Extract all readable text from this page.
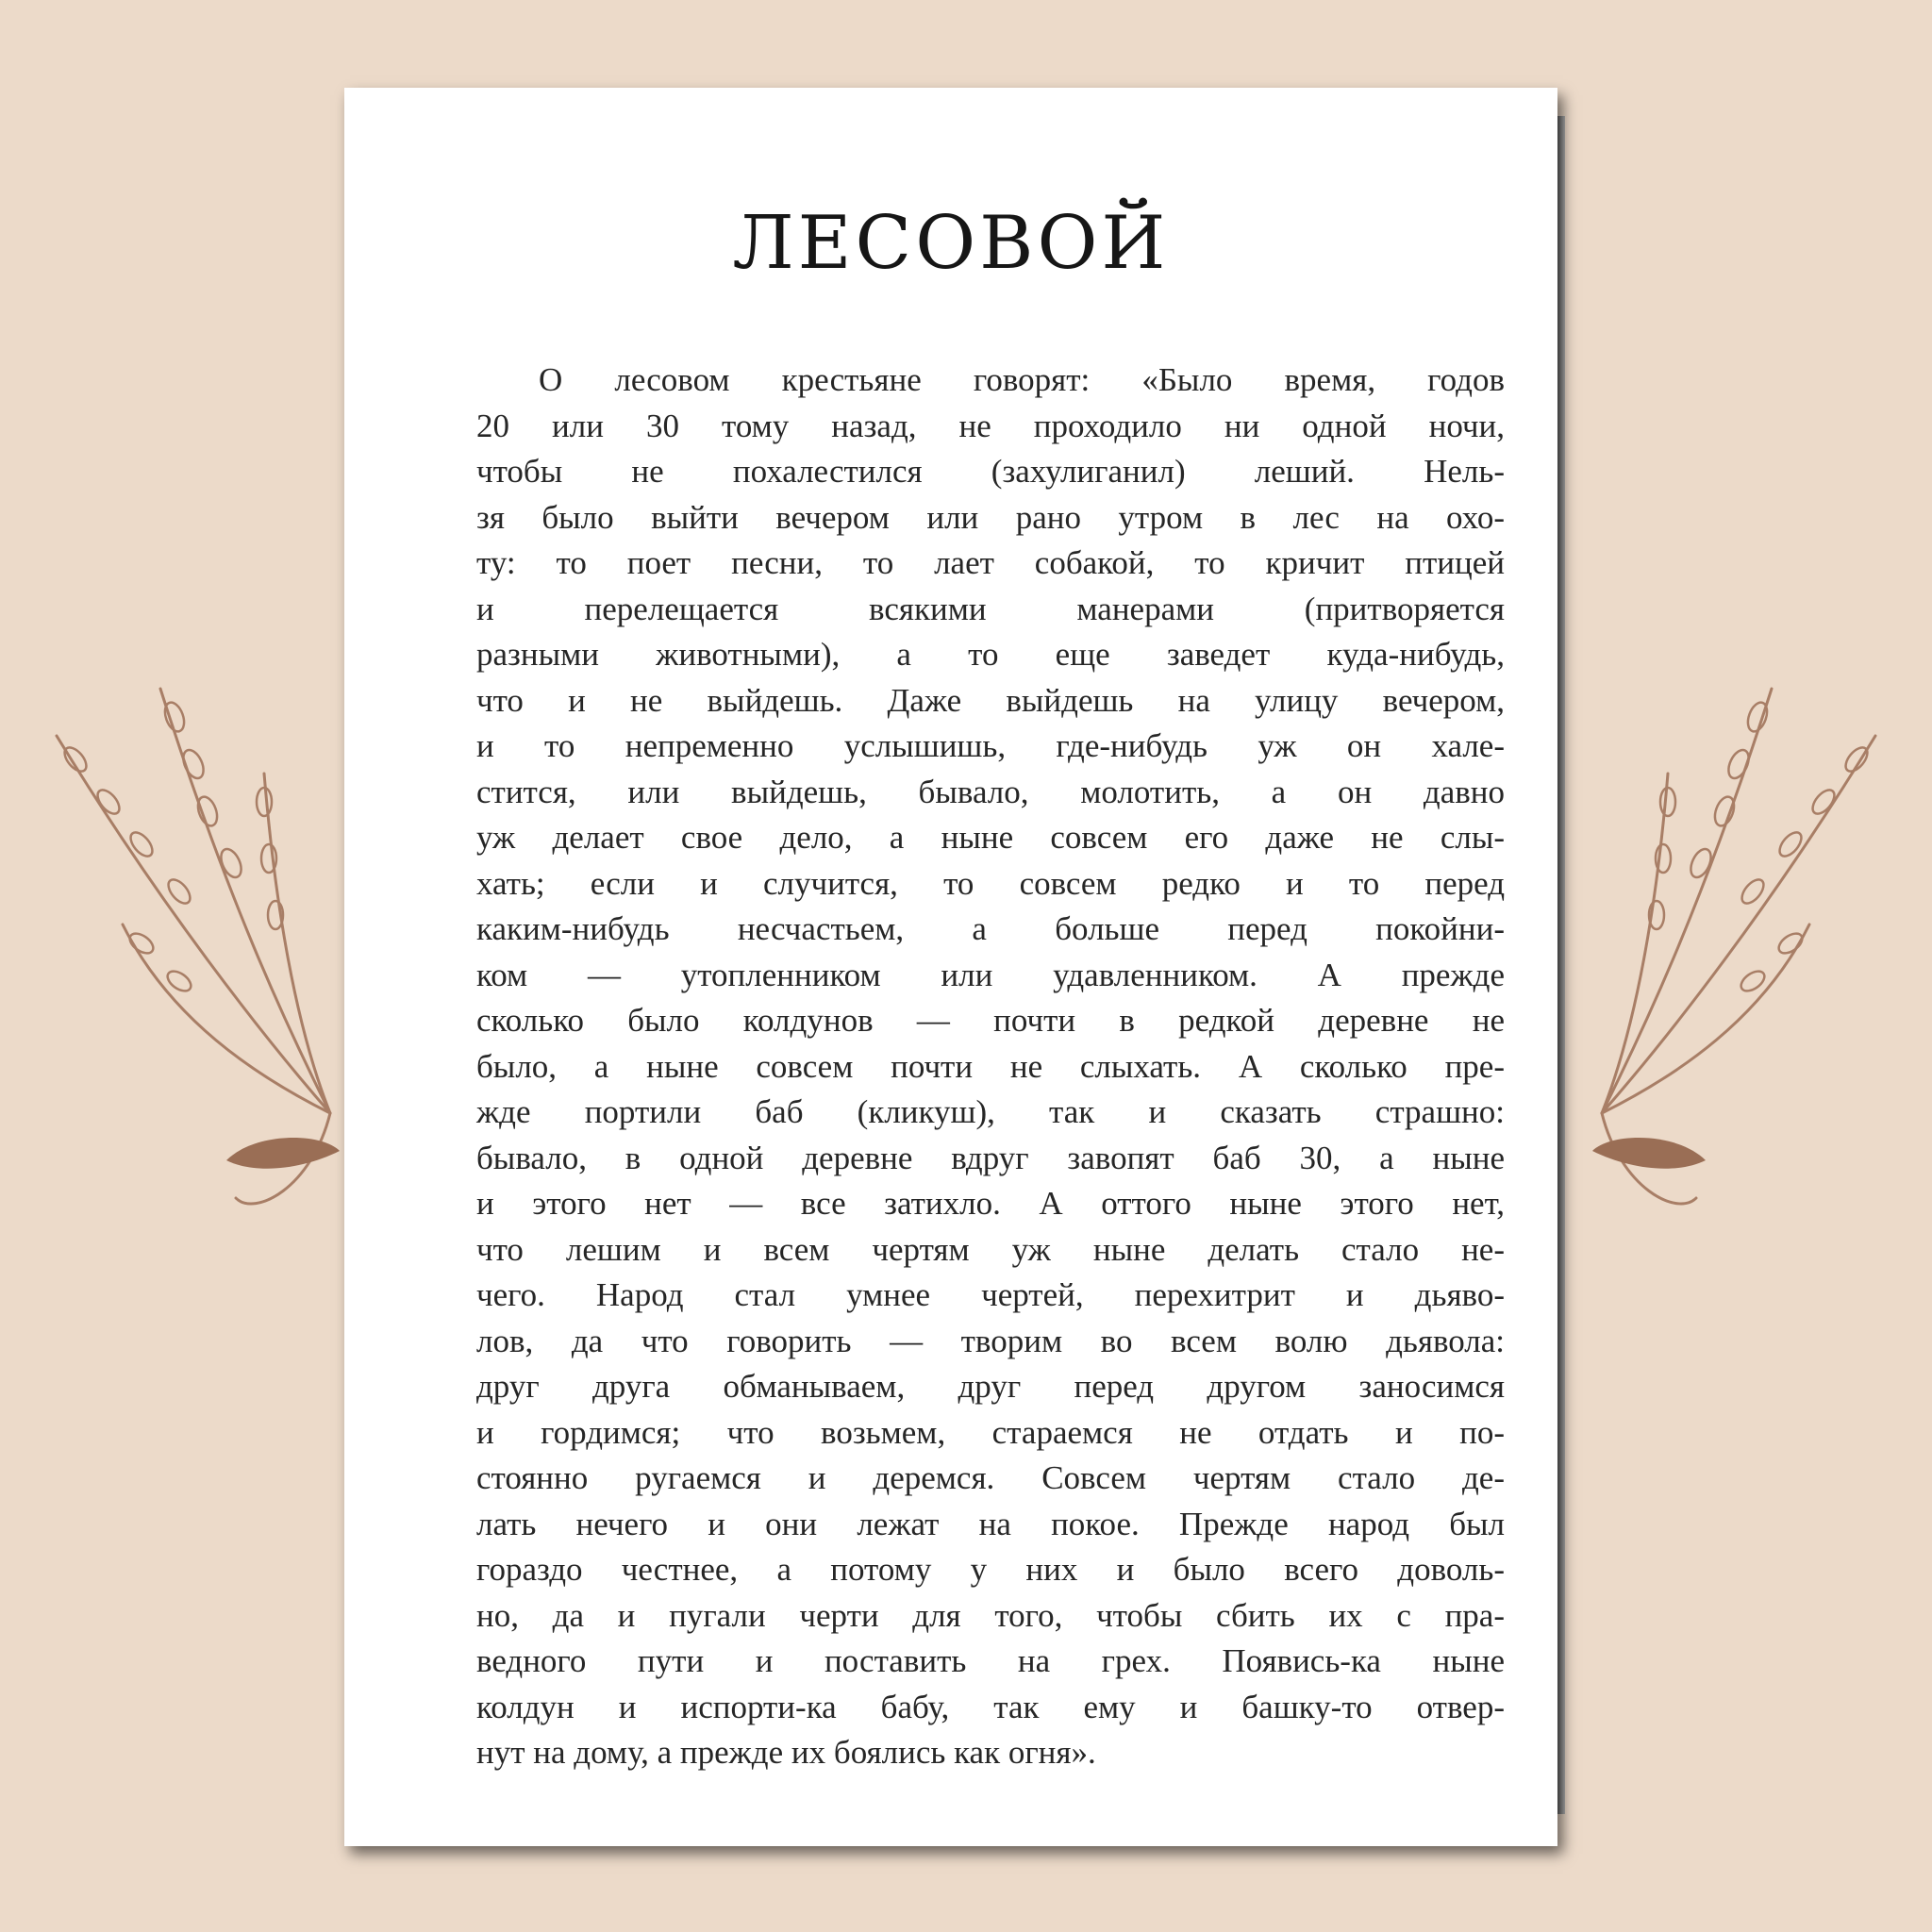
ЛЕСОВОЙ
О лесовом крестьяне говорят: «Было время, годов
20 или 30 тому назад, не проходило ни одной ночи,
чтобы не похалестился (захулиганил) леший. Нель-
зя было выйти вечером или рано утром в лес на охо-
ту: то поет песни, то лает собакой, то кричит птицей
и перелещается всякими манерами (притворяется
разными животными), а то еще заведет куда-нибудь,
что и не выйдешь. Даже выйдешь на улицу вечером,
и то непременно услышишь, где-нибудь уж он хале-
стится, или выйдешь, бывало, молотить, а он давно
уж делает свое дело, а ныне совсем его даже не слы-
хать; если и случится, то совсем редко и то перед
каким-нибудь несчастьем, а больше перед покойни-
ком — утопленником или удавленником. А прежде
сколько было колдунов — почти в редкой деревне не
было, а ныне совсем почти не слыхать. А сколько пре-
жде портили баб (кликуш), так и сказать страшно:
бывало, в одной деревне вдруг завопят баб 30, а ныне
и этого нет — все затихло. А оттого ныне этого нет,
что лешим и всем чертям уж ныне делать стало не-
чего. Народ стал умнее чертей, перехитрит и дьяво-
лов, да что говорить — творим во всем волю дьявола:
друг друга обманываем, друг перед другом заносимся
и гордимся; что возьмем, стараемся не отдать и по-
стоянно ругаемся и деремся. Совсем чертям стало де-
лать нечего и они лежат на покое. Прежде народ был
гораздо честнее, а потому у них и было всего доволь-
но, да и пугали черти для того, чтобы сбить их с пра-
ведного пути и поставить на грех. Появись-ка ныне
колдун и испорти-ка бабу, так ему и башку-то отвер-
нут на дому, а прежде их боялись как огня».
